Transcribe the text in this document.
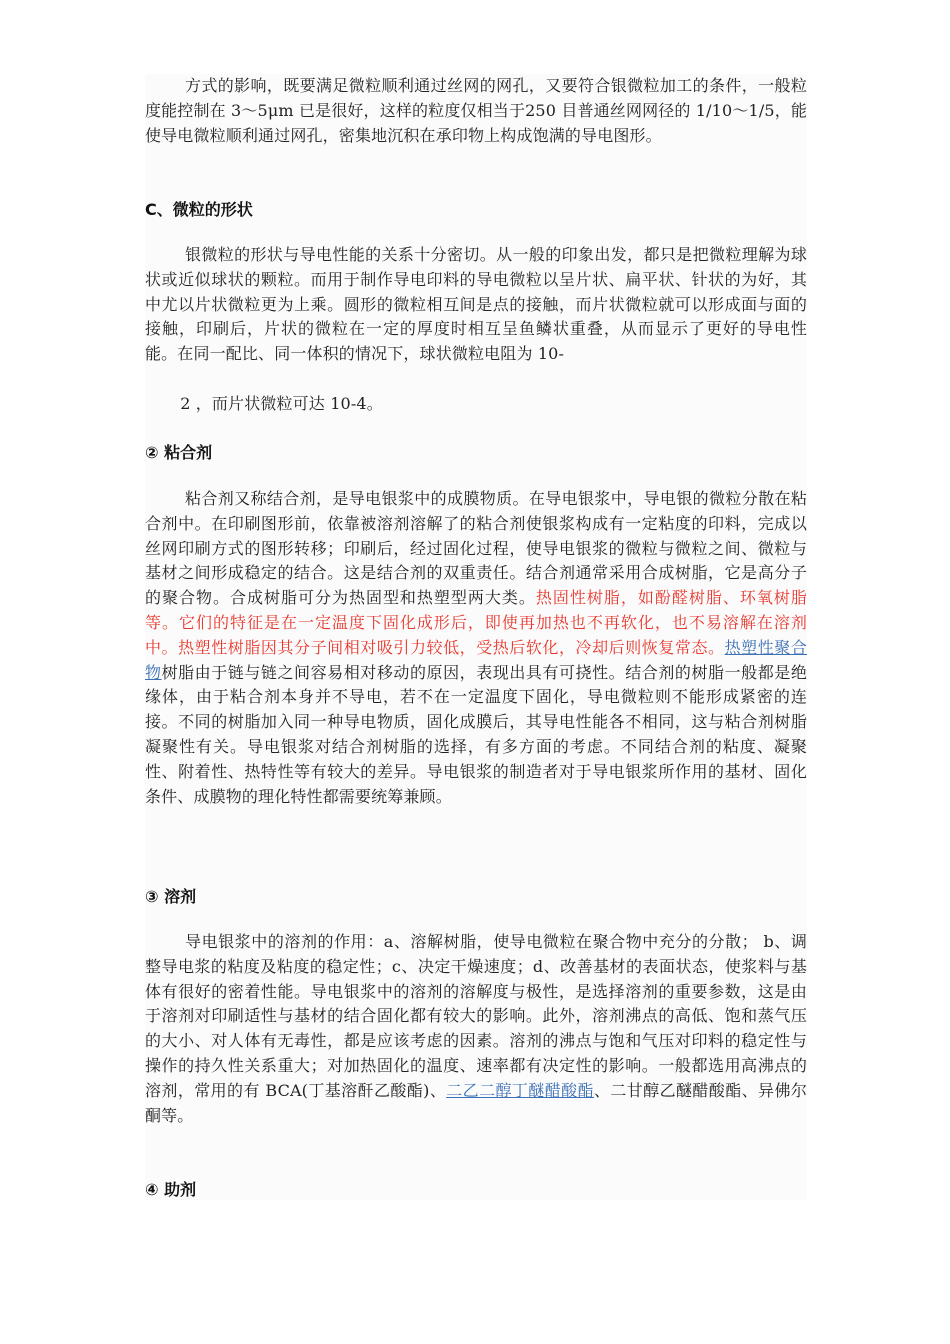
方式的影响，既要满足微粒顺利通过丝网的网孔，又要符合银微粒加工的条件，一般粒度能控制在 3～5μm 已是很好，这样的粒度仅相当于250 目普通丝网网径的 1/10～1/5，能使导电微粒顺利通过网孔，密集地沉积在承印物上构成饱满的导电图形。
C、微粒的形状
银微粒的形状与导电性能的关系十分密切。从一般的印象出发，都只是把微粒理解为球状或近似球状的颗粒。而用于制作导电印料的导电微粒以呈片状、扁平状、针状的为好，其中尤以片状微粒更为上乘。圆形的微粒相互间是点的接触，而片状微粒就可以形成面与面的接触，印刷后，片状的微粒在一定的厚度时相互呈鱼鳞状重叠，从而显示了更好的导电性能。在同一配比、同一体积的情况下，球状微粒电阻为 10-
2 ，而片状微粒可达 10-4。
② 粘合剂
粘合剂又称结合剂，是导电银浆中的成膜物质。在导电银浆中，导电银的微粒分散在粘合剂中。在印刷图形前，依靠被溶剂溶解了的粘合剂使银浆构成有一定粘度的印料，完成以丝网印刷方式的图形转移；印刷后，经过固化过程，使导电银浆的微粒与微粒之间、微粒与基材之间形成稳定的结合。这是结合剂的双重责任。结合剂通常采用合成树脂，它是高分子的聚合物。合成树脂可分为热固型和热塑型两大类。热固性树脂，如酚醛树脂、环氧树脂等。它们的特征是在一定温度下固化成形后，即使再加热也不再软化，也不易溶解在溶剂中。热塑性树脂因其分子间相对吸引力较低，受热后软化，冷却后则恢复常态。热塑性聚合物树脂由于链与链之间容易相对移动的原因，表现出具有可挠性。结合剂的树脂一般都是绝缘体，由于粘合剂本身并不导电，若不在一定温度下固化，导电微粒则不能形成紧密的连接。不同的树脂加入同一种导电物质，固化成膜后，其导电性能各不相同，这与粘合剂树脂凝聚性有关。导电银浆对结合剂树脂的选择，有多方面的考虑。不同结合剂的粘度、凝聚性、附着性、热特性等有较大的差异。导电银浆的制造者对于导电银浆所作用的基材、固化条件、成膜物的理化特性都需要统筹兼顾。
③ 溶剂
导电银浆中的溶剂的作用：a、溶解树脂，使导电微粒在聚合物中充分的分散； b、调整导电浆的粘度及粘度的稳定性；c、决定干燥速度；d、改善基材的表面状态，使浆料与基体有很好的密着性能。导电银浆中的溶剂的溶解度与极性，是选择溶剂的重要参数，这是由于溶剂对印刷适性与基材的结合固化都有较大的影响。此外，溶剂沸点的高低、饱和蒸气压的大小、对人体有无毒性，都是应该考虑的因素。溶剂的沸点与饱和气压对印料的稳定性与操作的持久性关系重大；对加热固化的温度、速率都有决定性的影响。一般都选用高沸点的溶剂，常用的有 BCA(丁基溶酐乙酸酯)、二乙二醇丁醚醋酸酯、二甘醇乙醚醋酸酯、异佛尔酮等。
④ 助剂
